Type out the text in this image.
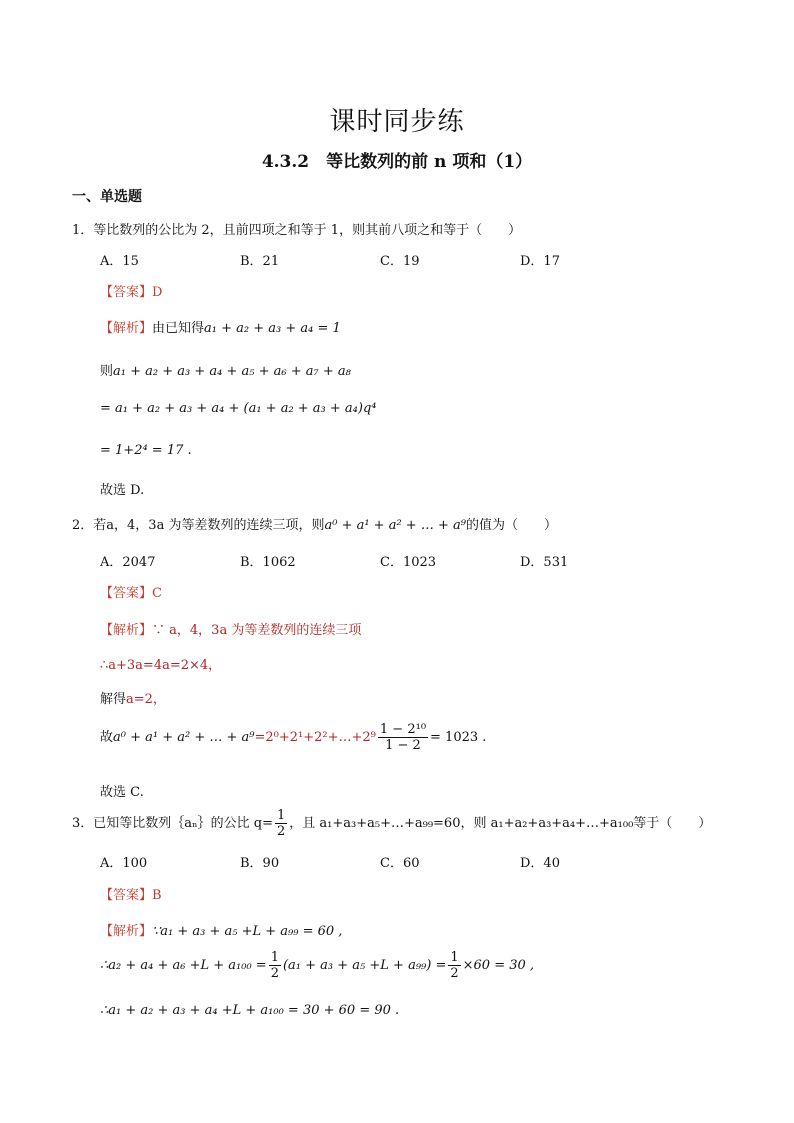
课时同步练
4.3.2　等比数列的前 n 项和（1）
一、单选题
1．等比数列的公比为 2，且前四项之和等于 1，则其前八项之和等于（　　）
A．15	B．21	C．19	D．17
【答案】D
【解析】由已知得a₁ + a₂ + a₃ + a₄ = 1
则a₁ + a₂ + a₃ + a₄ + a₅ + a₆ + a₇ + a₈
= a₁ + a₂ + a₃ + a₄ + (a₁ + a₂ + a₃ + a₄)q⁴
= 1+2⁴ = 17 .
故选 D.
2．若a，4，3a 为等差数列的连续三项，则a⁰ + a¹ + a² + … + a⁹的值为（　　）
A．2047	B．1062	C．1023	D．531
【答案】C
【解析】∵ a，4，3a 为等差数列的连续三项
∴a+3a=4a=2×4，
解得a=2，
故a⁰ + a¹ + a² + … + a⁹=2⁰+2¹+2²+…+2⁹ $\frac{\text{1 − 2¹⁰}}{1 - 2} = 1023$ .
故选 C.
3．已知等比数列｛aₙ｝的公比 $q= \frac{1}{2}$ ，且 a₁+a₃+a₅+…+a₉₉=60，则 a₁+a₂+a₃+a₄+…+a₁₀₀等于（　　）
A．100	B．90	C．60	D．40
【答案】B
【解析】∵a₁ + a₃ + a₅ +L + a₉₉ = 60 ,
∴a₂ + $a_4 + a_6 +L + a_{100} = \frac{1}{2} (a_1 + a_3 + a_5 +L + a_{99}) = \frac{1}{2} \times 60 = 30$ ,
∴a₁ + a₂ + a₃ + a₄ +L + a₁₀₀ = 30 + 60 = 90 .
